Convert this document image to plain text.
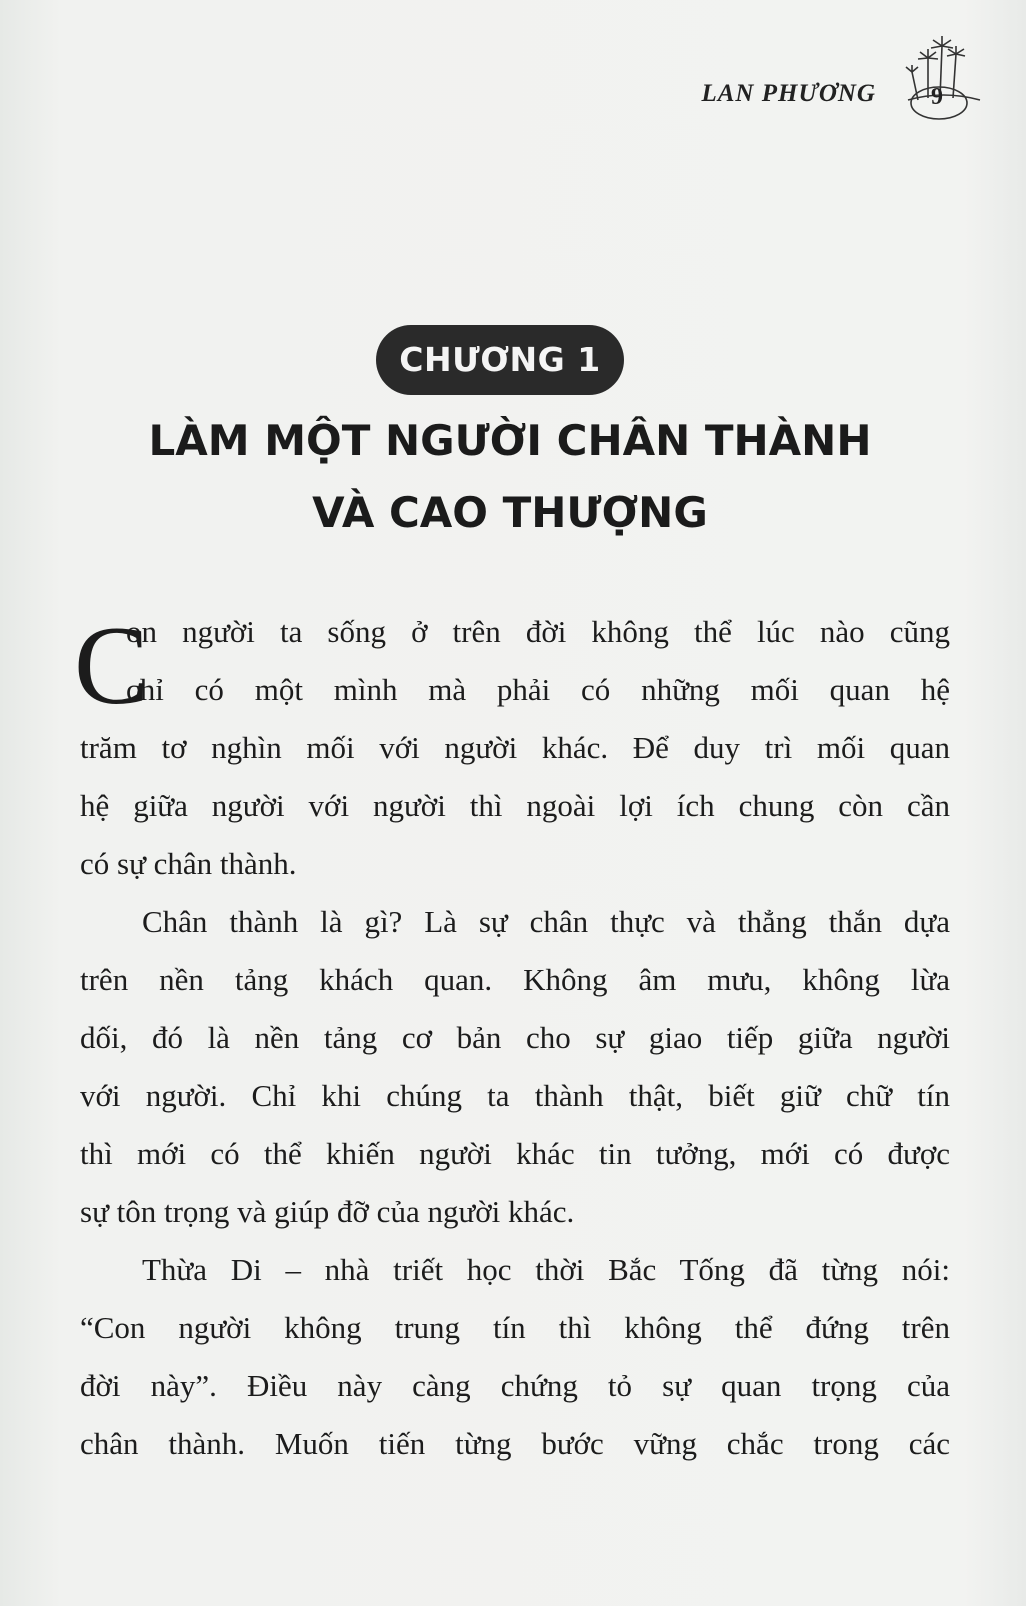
LAN PHƯƠNG	9
CHƯƠNG 1
LÀM MỘT NGƯỜI CHÂN THÀNH
VÀ CAO THƯỢNG
C
on người ta sống ở trên đời không thể lúc nào cũng
chỉ có một mình mà phải có những mối quan hệ
trăm tơ nghìn mối với người khác. Để duy trì mối quan
hệ giữa người với người thì ngoài lợi ích chung còn cần
có sự chân thành.
Chân thành là gì? Là sự chân thực và thẳng thắn dựa
trên nền tảng khách quan. Không âm mưu, không lừa
dối, đó là nền tảng cơ bản cho sự giao tiếp giữa người
với người. Chỉ khi chúng ta thành thật, biết giữ chữ tín
thì mới có thể khiến người khác tin tưởng, mới có được
sự tôn trọng và giúp đỡ của người khác.
Thừa Di – nhà triết học thời Bắc Tống đã từng nói:
“Con người không trung tín thì không thể đứng trên
đời này”. Điều này càng chứng tỏ sự quan trọng của
chân thành. Muốn tiến từng bước vững chắc trong các
